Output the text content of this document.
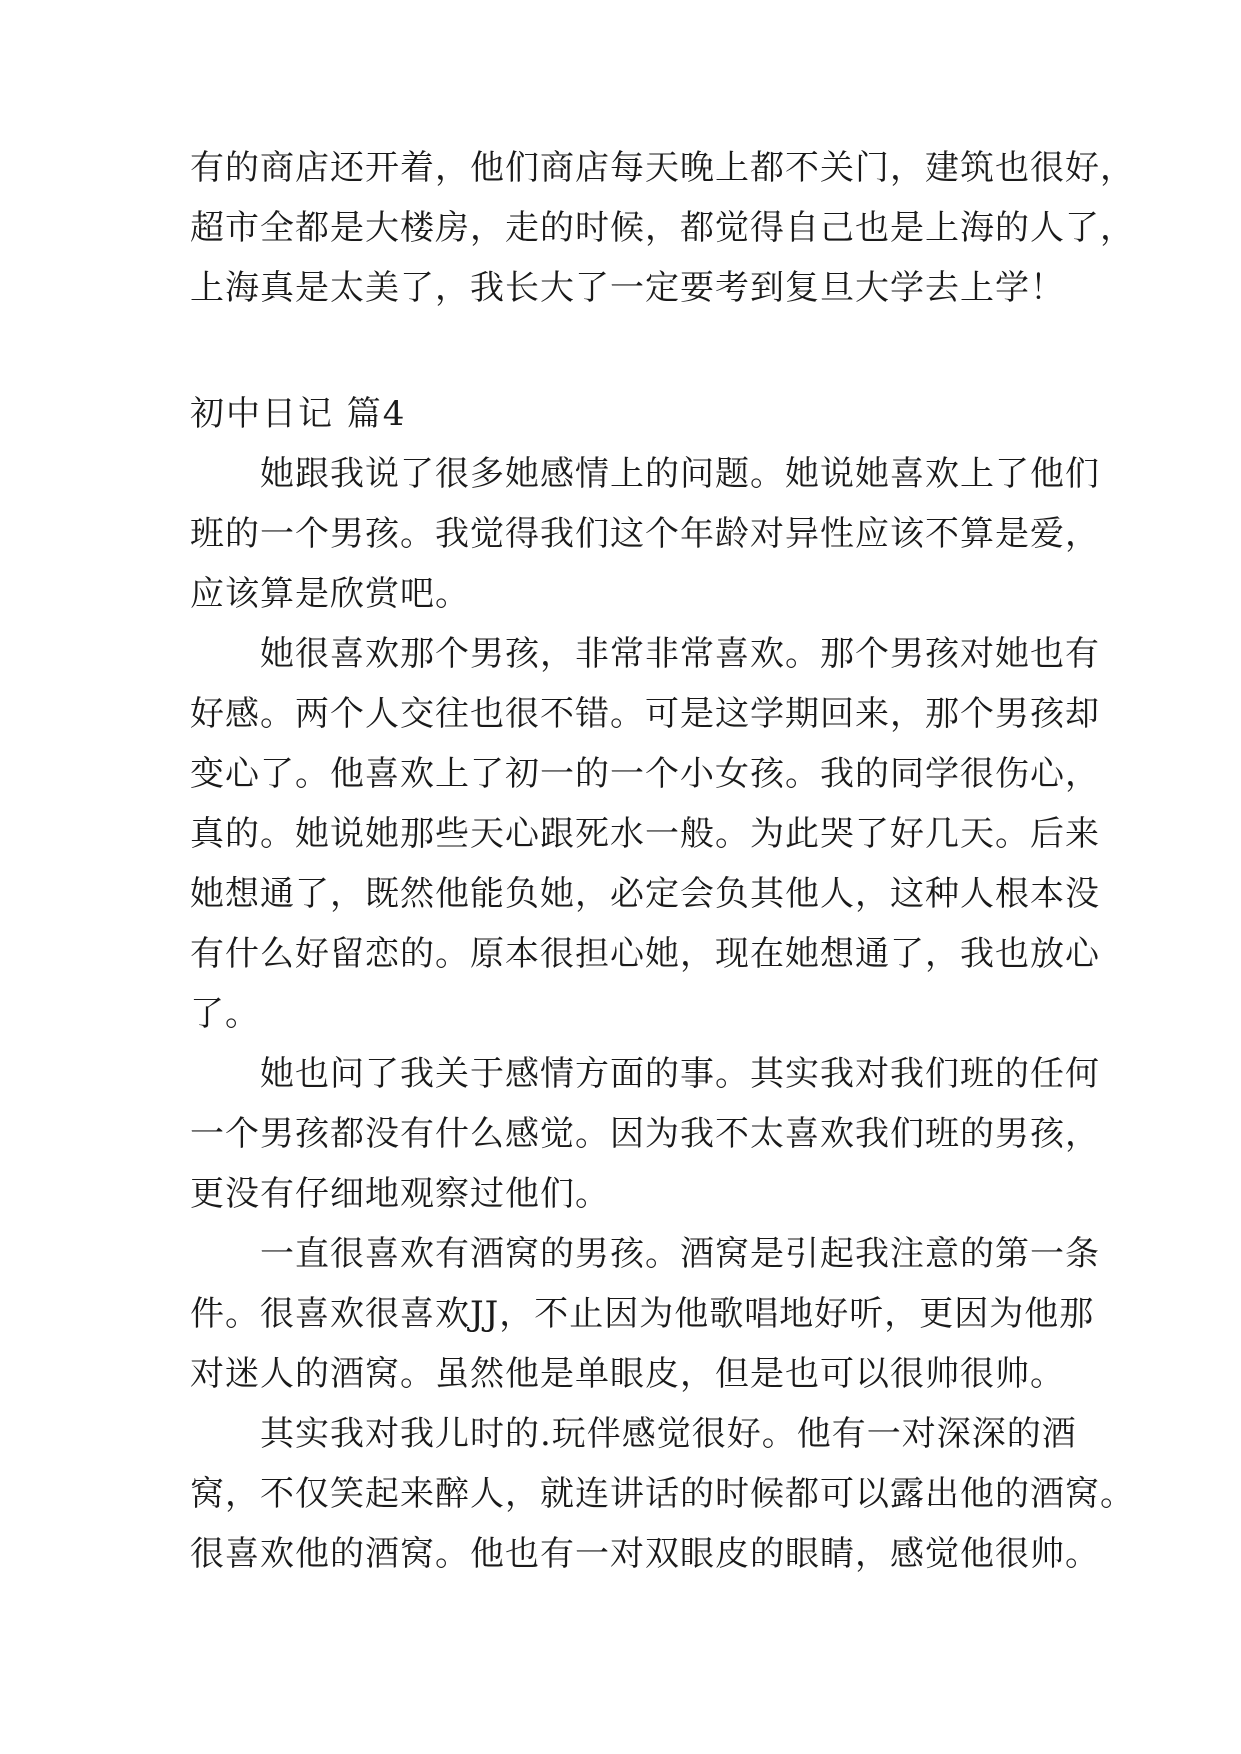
有的商店还开着，他们商店每天晚上都不关门，建筑也很好，
超市全都是大楼房，走的时候，都觉得自己也是上海的人了，
上海真是太美了，我长大了一定要考到复旦大学去上学！
初中日记 篇4
　　她跟我说了很多她感情上的问题。她说她喜欢上了他们
班的一个男孩。我觉得我们这个年龄对异性应该不算是爱，
应该算是欣赏吧。
　　她很喜欢那个男孩，非常非常喜欢。那个男孩对她也有
好感。两个人交往也很不错。可是这学期回来，那个男孩却
变心了。他喜欢上了初一的一个小女孩。我的同学很伤心，
真的。她说她那些天心跟死水一般。为此哭了好几天。后来
她想通了，既然他能负她，必定会负其他人，这种人根本没
有什么好留恋的。原本很担心她，现在她想通了，我也放心
了。
　　她也问了我关于感情方面的事。其实我对我们班的任何
一个男孩都没有什么感觉。因为我不太喜欢我们班的男孩，
更没有仔细地观察过他们。
　　一直很喜欢有酒窝的男孩。酒窝是引起我注意的第一条
件。很喜欢很喜欢JJ，不止因为他歌唱地好听，更因为他那
对迷人的酒窝。虽然他是单眼皮，但是也可以很帅很帅。
　　其实我对我儿时的.玩伴感觉很好。他有一对深深的酒
窝，不仅笑起来醉人，就连讲话的时候都可以露出他的酒窝。
很喜欢他的酒窝。他也有一对双眼皮的眼睛，感觉他很帅。
